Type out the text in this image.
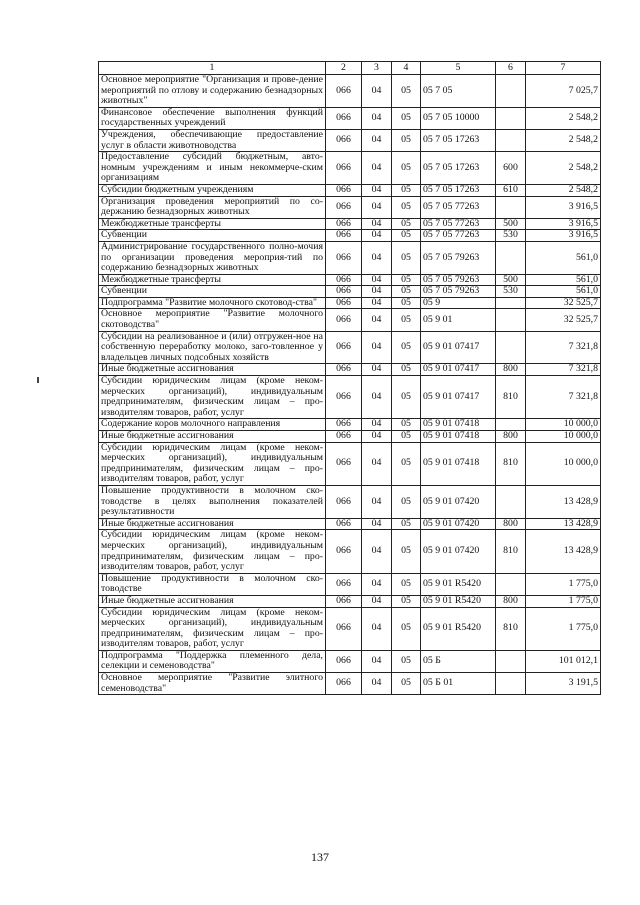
1	2	3	4	5	6	7
Основное мероприятие "Организация и прове-дение мероприятий по отлову и содержанию безнадзорных животных"	066	04	05	05 7 05		7 025,7
Финансовое обеспечение выполнения функций государственных учреждений	066	04	05	05 7 05 10000		2 548,2
Учреждения, обеспечивающие предоставление услуг в области животноводства	066	04	05	05 7 05 17263		2 548,2
Предоставление субсидий бюджетным, авто-номным учреждениям и иным некоммерче-ским организациям	066	04	05	05 7 05 17263	600	2 548,2
Субсидии бюджетным учреждениям	066	04	05	05 7 05 17263	610	2 548,2
Организация проведения мероприятий по со-держанию безнадзорных животных	066	04	05	05 7 05 77263		3 916,5
Межбюджетные трансферты	066	04	05	05 7 05 77263	500	3 916,5
Субвенции	066	04	05	05 7 05 77263	530	3 916,5
Администрирование государственного полно-мочия по организации проведения мероприя-тий по содержанию безнадзорных животных	066	04	05	05 7 05 79263		561,0
Межбюджетные трансферты	066	04	05	05 7 05 79263	500	561,0
Субвенции	066	04	05	05 7 05 79263	530	561,0
Подпрограмма "Развитие молочного скотовод-ства"	066	04	05	05 9		32 525,7
Основное мероприятие "Развитие молочного скотоводства"	066	04	05	05 9 01		32 525,7
Субсидии на реализованное и (или) отгружен-ное на собственную переработку молоко, заго-товленное у владельцев личных подсобных хозяйств	066	04	05	05 9 01 07417		7 321,8
Иные бюджетные ассигнования	066	04	05	05 9 01 07417	800	7 321,8
Субсидии юридическим лицам (кроме неком-мерческих организаций), индивидуальным предпринимателям, физическим лицам – про-изводителям товаров, работ, услуг	066	04	05	05 9 01 07417	810	7 321,8
Содержание коров молочного направления	066	04	05	05 9 01 07418		10 000,0
Иные бюджетные ассигнования	066	04	05	05 9 01 07418	800	10 000,0
Субсидии юридическим лицам (кроме неком-мерческих организаций), индивидуальным предпринимателям, физическим лицам – про-изводителям товаров, работ, услуг	066	04	05	05 9 01 07418	810	10 000,0
Повышение продуктивности в молочном ско-товодстве в целях выполнения показателей результативности	066	04	05	05 9 01 07420		13 428,9
Иные бюджетные ассигнования	066	04	05	05 9 01 07420	800	13 428,9
Субсидии юридическим лицам (кроме неком-мерческих организаций), индивидуальным предпринимателям, физическим лицам – про-изводителям товаров, работ, услуг	066	04	05	05 9 01 07420	810	13 428,9
Повышение продуктивности в молочном ско-товодстве	066	04	05	05 9 01 R5420		1 775,0
Иные бюджетные ассигнования	066	04	05	05 9 01 R5420	800	1 775,0
Субсидии юридическим лицам (кроме неком-мерческих организаций), индивидуальным предпринимателям, физическим лицам – про-изводителям товаров, работ, услуг	066	04	05	05 9 01 R5420	810	1 775,0
Подпрограмма "Поддержка племенного дела, селекции и семеноводства"	066	04	05	05 Б		101 012,1
Основное мероприятие "Развитие элитного семеноводства"	066	04	05	05 Б 01		3 191,5
137
